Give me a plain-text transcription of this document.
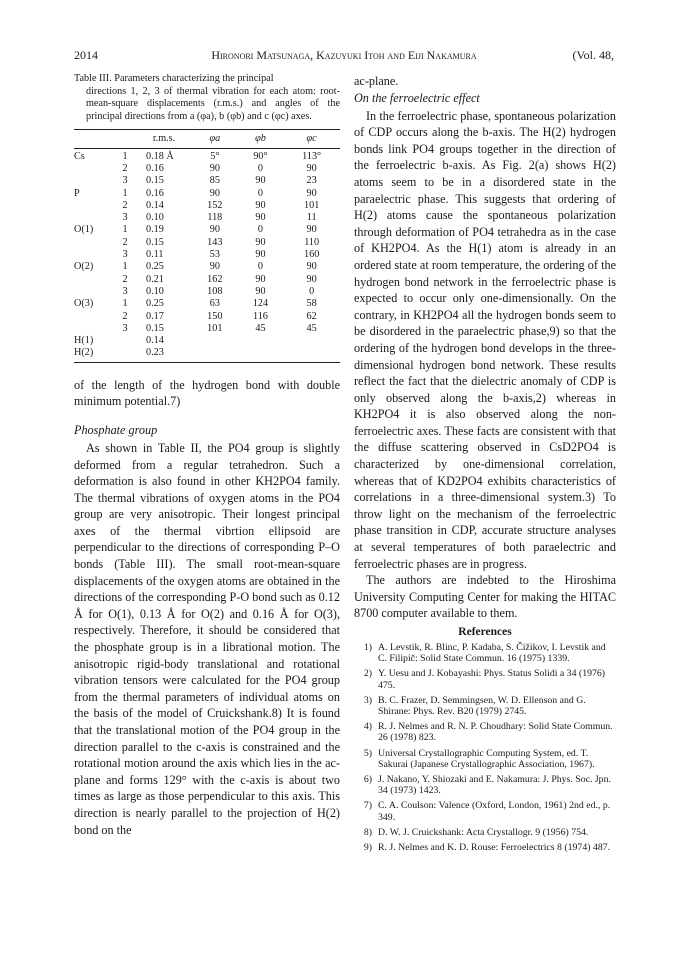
2014	Hironori Matsunaga, Kazuyuki Itoh and Eiji Nakamura	(Vol. 48,
Table III. Parameters characterizing the principal
directions 1, 2, 3 of thermal vibration for each atom: root-mean-square displacements (r.m.s.) and angles of the principal directions from a (φa), b (φb) and c (φc) axes.
		r.m.s.	φa	φb	φc
Cs	1	0.18 Å	5°	90°	113°
	2	0.16	90	0	90
	3	0.15	85	90	23
P	1	0.16	90	0	90
	2	0.14	152	90	101
	3	0.10	118	90	11
O(1)	1	0.19	90	0	90
	2	0.15	143	90	110
	3	0.11	53	90	160
O(2)	1	0.25	90	0	90
	2	0.21	162	90	90
	3	0.10	108	90	0
O(3)	1	0.25	63	124	58
	2	0.17	150	116	62
	3	0.15	101	45	45
H(1)		0.14			
H(2)		0.23			

of the length of the hydrogen bond with double minimum potential.7)

Phosphate group

As shown in Table II, the PO4 group is slightly deformed from a regular tetrahedron. Such a deformation is also found in other KH2PO4 family. The thermal vibrations of oxygen atoms in the PO4 group are very anisotropic. Their longest principal axes of the thermal vibrtion ellipsoid are perpendicular to the directions of corresponding P–O bonds (Table III). The small root-mean-square displacements of the oxygen atoms are obtained in the directions of the corresponding P-O bond such as 0.12 Å for O(1), 0.13 Å for O(2) and 0.16 Å for O(3), respectively. Therefore, it should be considered that the phosphate group is in a librational motion. The anisotropic rigid-body translational and rotational vibration tensors were calculated for the PO4 group from the thermal parameters of individual atoms on the basis of the model of Cruickshank.8) It is found that the translational motion of the PO4 group in the direction parallel to the c-axis is constrained and the rotational motion around the axis which lies in the ac-plane and forms 129° with the c-axis is about two times as large as those perpendicular to this axis. This direction is nearly parallel to the projection of H(2) bond on the

ac-plane.

On the ferroelectric effect

In the ferroelectric phase, spontaneous polarization of CDP occurs along the b-axis. The H(2) hydrogen bonds link PO4 groups together in the direction of the ferroelectric b-axis. As Fig. 2(a) shows H(2) atoms seem to be in a disordered state in the paraelectric phase. This suggests that ordering of H(2) atoms cause the spontaneous polarization through deformation of PO4 tetrahedra as in the case of KH2PO4. As the H(1) atom is already in an ordered state at room temperature, the ordering of the hydrogen bond network in the ferroelectric phase is expected to occur only one-dimensionally. On the contrary, in KH2PO4 all the hydrogen bonds seem to be disordered in the paraelectric phase,9) so that the ordering of the hydrogen bond develops in the three-dimensional hydrogen bond network. These results reflect the fact that the dielectric anomaly of CDP is only observed along the b-axis,2) whereas in KH2PO4 it is also observed along the non-ferroelectric axes. These facts are consistent with that the diffuse scattering observed in CsD2PO4 is characterized by one-dimensional correlation, whereas that of KD2PO4 exhibits characteristics of correlations in a three-dimensional system.3) To throw light on the mechanism of the ferroelectric phase transition in CDP, accurate structure analyses at several temperatures of both paraelectric and ferroelectric phases are in progress.

The authors are indebted to the Hiroshima University Computing Center for making the HITAC 8700 computer available to them.

References
1) A. Levstik, R. Blinc, P. Kadaba, S. Čižikov, I. Levstik and C. Filipič: Solid State Commun. 16 (1975) 1339.
2) Y. Uesu and J. Kobayashi: Phys. Status Solidi a 34 (1976) 475.
3) B. C. Frazer, D. Semmingsen, W. D. Ellenson and G. Shirane: Phys. Rev. B20 (1979) 2745.
4) R. J. Nelmes and R. N. P. Choudhary: Solid State Commun. 26 (1978) 823.
5) Universal Crystallographic Computing System, ed. T. Sakurai (Japanese Crystallographic Association, 1967).
6) J. Nakano, Y. Shiozaki and E. Nakamura: J. Phys. Soc. Jpn. 34 (1973) 1423.
7) C. A. Coulson: Valence (Oxford, London, 1961) 2nd ed., p. 349.
8) D. W. J. Cruickshank: Acta Crystallogr. 9 (1956) 754.
9) R. J. Nelmes and K. D. Rouse: Ferroelectrics 8 (1974) 487.
